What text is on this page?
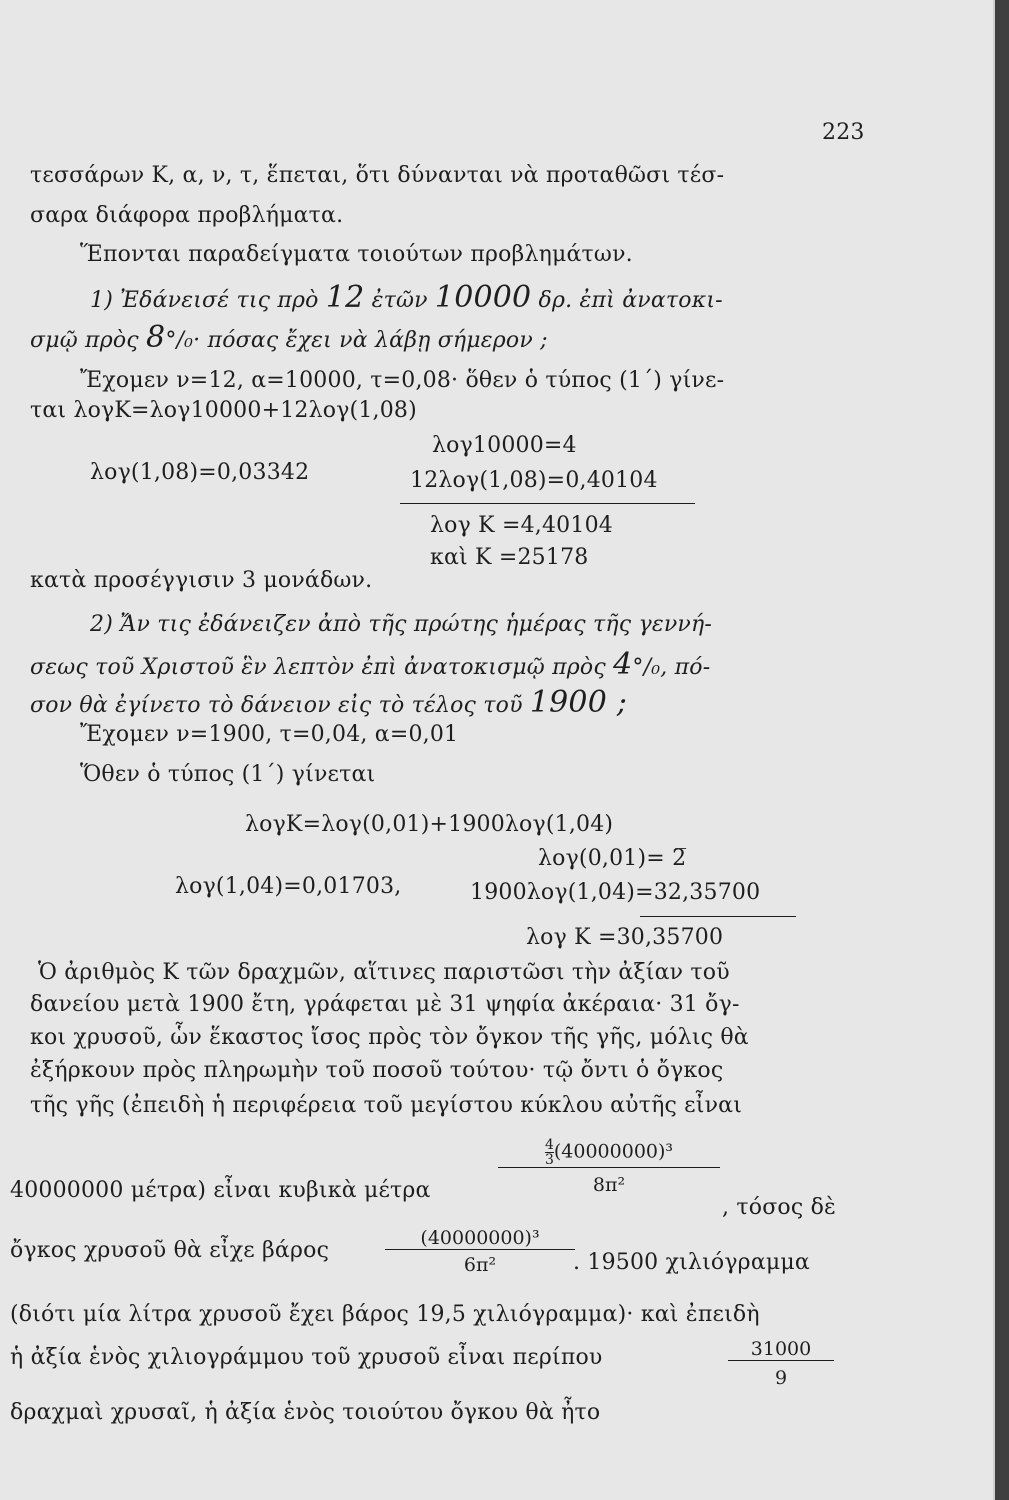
223
τεσσάρων Κ, α, ν, τ, ἕπεται, ὅτι δύνανται νὰ προταθῶσι τέσ-
σαρα διάφορα προβλήματα.
Ἕπονται παραδείγματα τοιούτων προβλημάτων.
1) Ἐδάνεισέ τις πρὸ 12 ἐτῶν 10000 δρ. ἐπὶ ἀνατοκι-
σμῷ πρὸς 8°/₀· πόσας ἔχει νὰ λάβῃ σήμερον ;
Ἔχομεν ν=12, α=10000, τ=0,08· ὅθεν ὁ τύπος (1΄) γίνε-
ται λογΚ=λογ10000+12λογ(1,08)
λογ10000=4
λογ(1,08)=0,03342	12λογ(1,08)=0,40104
λογ Κ =4,40104
καὶ Κ =25178
κατὰ προσέγγισιν 3 μονάδων.
2) Ἄν τις ἐδάνειζεν ἀπὸ τῆς πρώτης ἡμέρας τῆς γεννή-
σεως τοῦ Χριστοῦ ἓν λεπτὸν ἐπὶ ἀνατοκισμῷ πρὸς 4°/₀, πό-
σον θὰ ἐγίνετο τὸ δάνειον εἰς τὸ τέλος τοῦ 1900 ;
Ἔχομεν ν=1900, τ=0,04, α=0,01
Ὅθεν ὁ τύπος (1΄) γίνεται
λογΚ=λογ(0,01)+1900λογ(1,04)
λογ(0,01)= 2̅
λογ(1,04)=0,01703,	1900λογ(1,04)=32,35700
λογ Κ =30,35700
Ὁ ἀριθμὸς Κ τῶν δραχμῶν, αἵτινες παριστῶσι τὴν ἀξίαν τοῦ
δανείου μετὰ 1900 ἔτη, γράφεται μὲ 31 ψηφία ἀκέραια· 31 ὄγ-
κοι χρυσοῦ, ὧν ἕκαστος ἴσος πρὸς τὸν ὄγκον τῆς γῆς, μόλις θὰ
ἐξήρκουν πρὸς πληρωμὴν τοῦ ποσοῦ τούτου· τῷ ὄντι ὁ ὄγκος
τῆς γῆς (ἐπειδὴ ἡ περιφέρεια τοῦ μεγίστου κύκλου αὐτῆς εἶναι
40000000 μέτρα) εἶναι κυβικὰ μέτρα	$\frac{\frac{4}{3} (40000000)^3}{\text{8π²}}$
, τόσος δὲ
ὄγκος χρυσοῦ θὰ εἶχε βάρος	$\frac{\text{(40000000)³}}{\text{6π²}}$
. 19500 χιλιόγραμμα
(διότι μία λίτρα χρυσοῦ ἔχει βάρος 19,5 χιλιόγραμμα)· καὶ ἐπειδὴ
ἡ ἀξία ἑνὸς χιλιογράμμου τοῦ χρυσοῦ εἶναι περίπου	$\frac{31000}{9}$
δραχμαὶ χρυσαῖ, ἡ ἀξία ἑνὸς τοιούτου ὄγκου θὰ ἦτο
